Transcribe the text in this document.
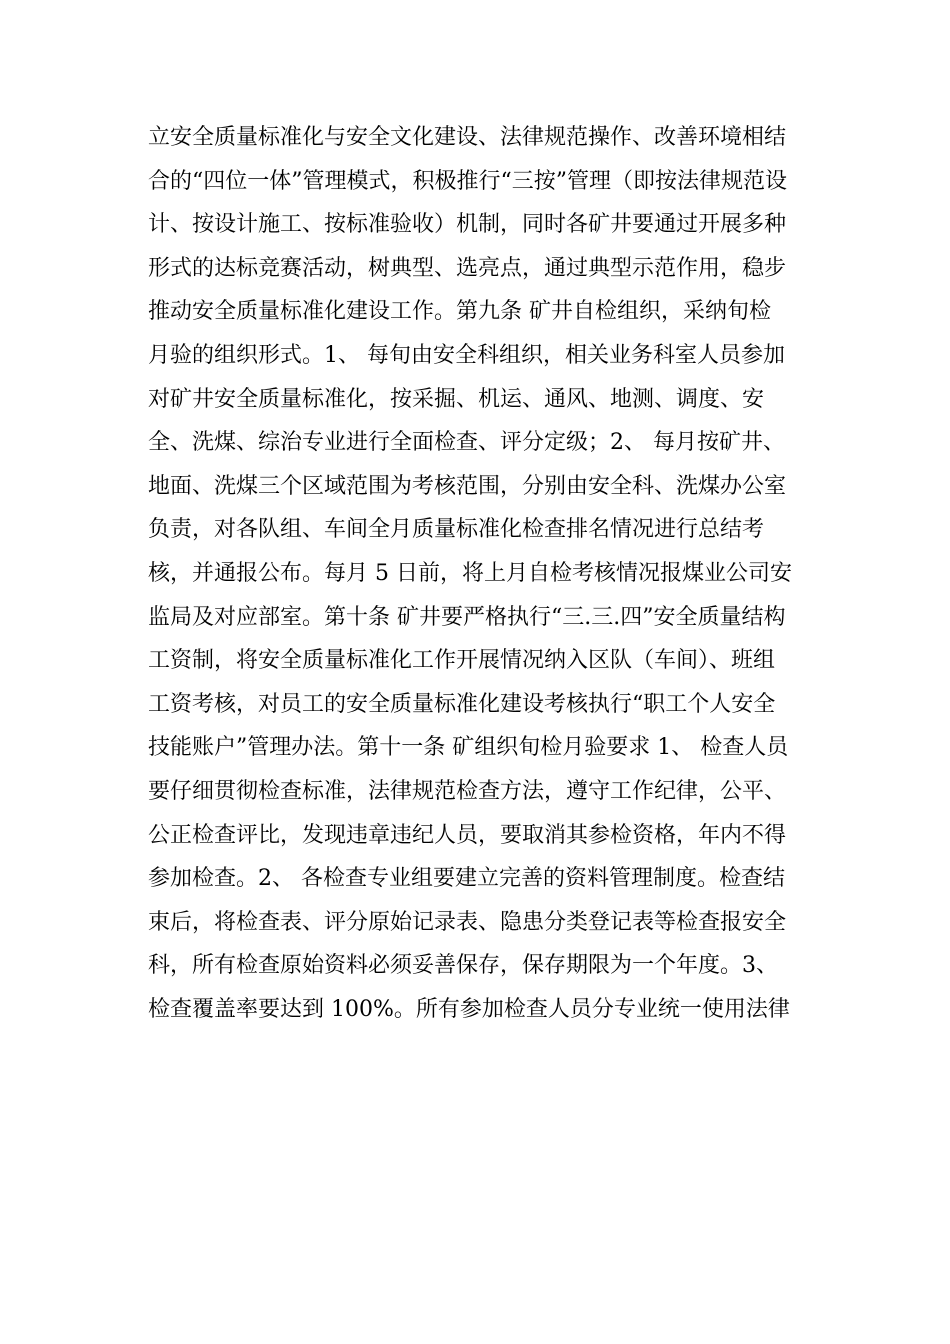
立安全质量标准化与安全文化建设、法律规范操作、改善环境相结
合的“四位一体”管理模式，积极推行“三按”管理（即按法律规范设
计、按设计施工、按标准验收）机制，同时各矿井要通过开展多种
形式的达标竞赛活动，树典型、选亮点，通过典型示范作用，稳步
推动安全质量标准化建设工作。第九条 矿井自检组织，采纳旬检
月验的组织形式。1、 每旬由安全科组织，相关业务科室人员参加
对矿井安全质量标准化，按采掘、机运、通风、地测、调度、安
全、洗煤、综治专业进行全面检查、评分定级；2、 每月按矿井、
地面、洗煤三个区域范围为考核范围，分别由安全科、洗煤办公室
负责，对各队组、车间全月质量标准化检查排名情况进行总结考
核，并通报公布。每月 5 日前，将上月自检考核情况报煤业公司安
监局及对应部室。第十条 矿井要严格执行“三.三.四”安全质量结构
工资制，将安全质量标准化工作开展情况纳入区队（车间）、班组
工资考核，对员工的安全质量标准化建设考核执行“职工个人安全
技能账户”管理办法。第十一条 矿组织旬检月验要求 1、 检查人员
要仔细贯彻检查标准，法律规范检查方法，遵守工作纪律，公平、
公正检查评比，发现违章违纪人员，要取消其参检资格，年内不得
参加检查。2、 各检查专业组要建立完善的资料管理制度。检查结
束后，将检查表、评分原始记录表、隐患分类登记表等检查报安全
科，所有检查原始资料必须妥善保存，保存期限为一个年度。3、
检查覆盖率要达到 100%。所有参加检查人员分专业统一使用法律
